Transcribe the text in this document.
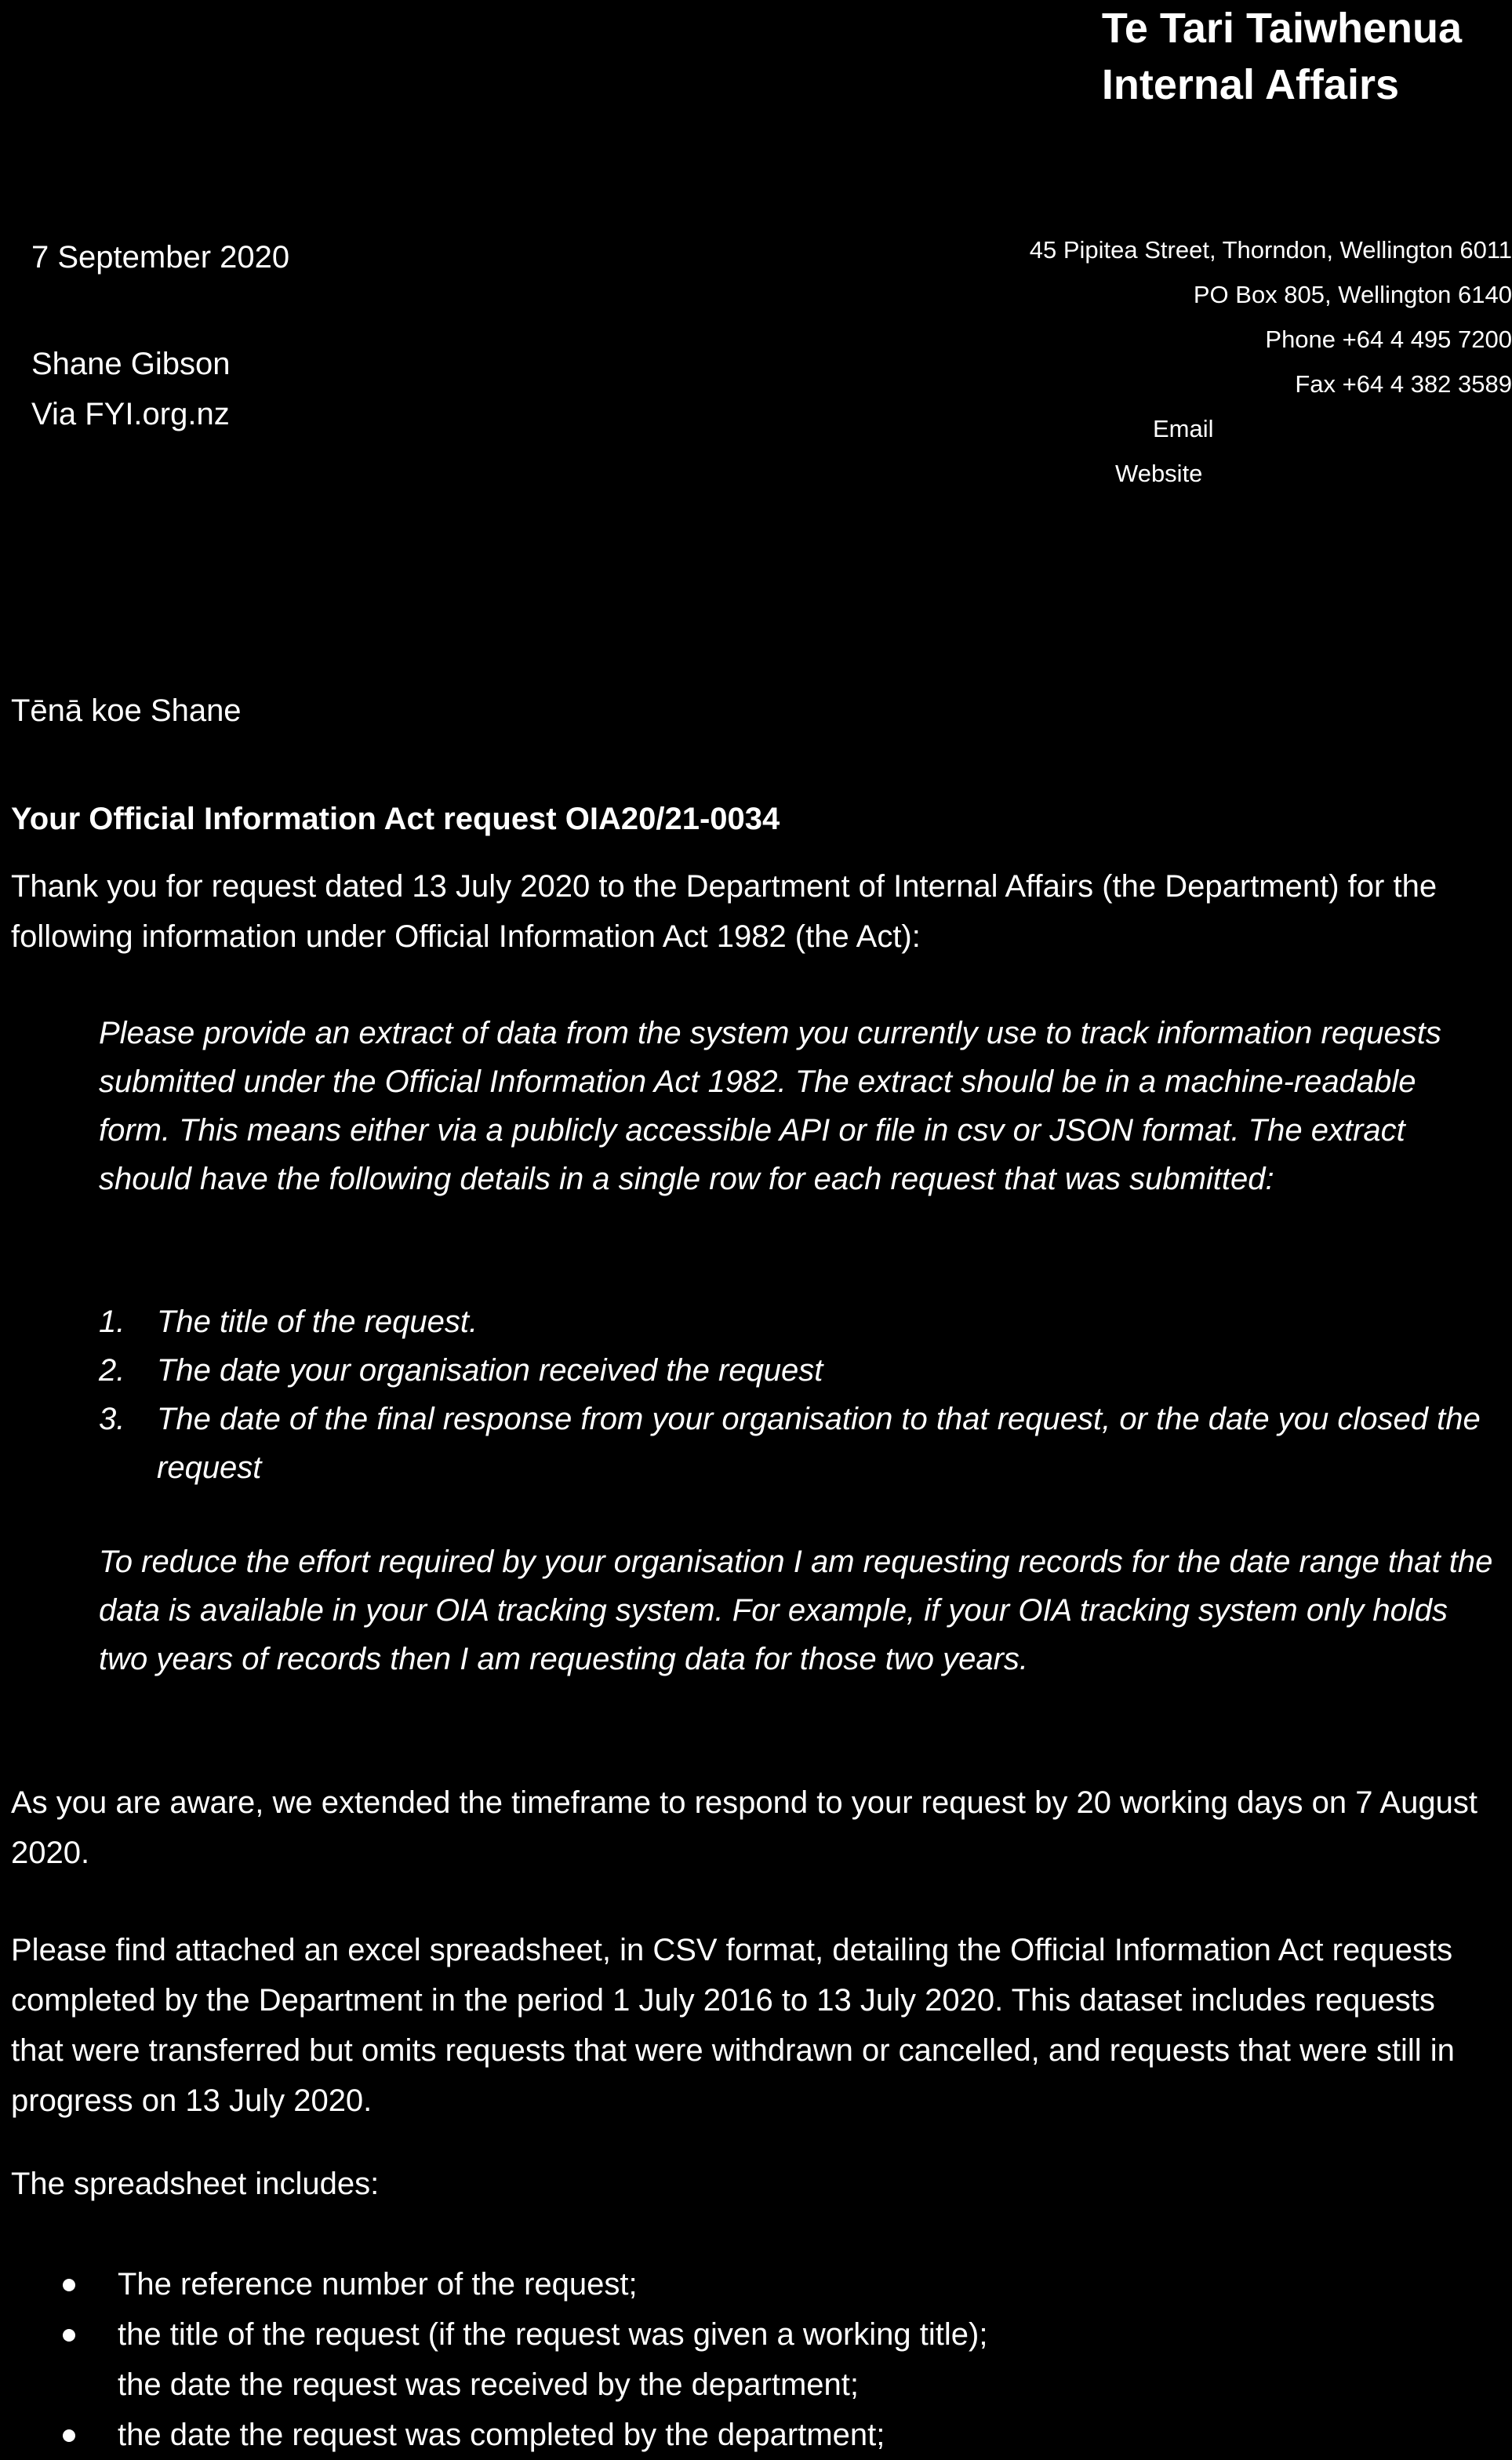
Te Tari Taiwhenua
Internal Affairs
7 September 2020
Shane Gibson
Via FYI.org.nz
45 Pipitea Street, Thorndon, Wellington 6011
PO Box 805, Wellington 6140
Phone +64 4 495 7200
Fax +64 4 382 3589
Email
Website

Tēnā koe Shane

Your Official Information Act request OIA20/21-0034

Thank you for request dated 13 July 2020 to the Department of Internal Affairs (the Department) for the following information under Official Information Act 1982 (the Act):

Please provide an extract of data from the system you currently use to track information requests submitted under the Official Information Act 1982. The extract should be in a machine-readable form. This means either via a publicly accessible API or file in csv or JSON format. The extract should have the following details in a single row for each request that was submitted:

1. The title of the request.
2. The date your organisation received the request
3. The date of the final response from your organisation to that request, or the date you closed the request

To reduce the effort required by your organisation I am requesting records for the date range that the data is available in your OIA tracking system. For example, if your OIA tracking system only holds two years of records then I am requesting data for those two years.

As you are aware, we extended the timeframe to respond to your request by 20 working days on 7 August 2020.

Please find attached an excel spreadsheet, in CSV format, detailing the Official Information Act requests completed by the Department in the period 1 July 2016 to 13 July 2020. This dataset includes requests that were transferred but omits requests that were withdrawn or cancelled, and requests that were still in progress on 13 July 2020.

The spreadsheet includes:

The reference number of the request;
the title of the request (if the request was given a working title);
the date the request was received by the department;
the date the request was completed by the department;
